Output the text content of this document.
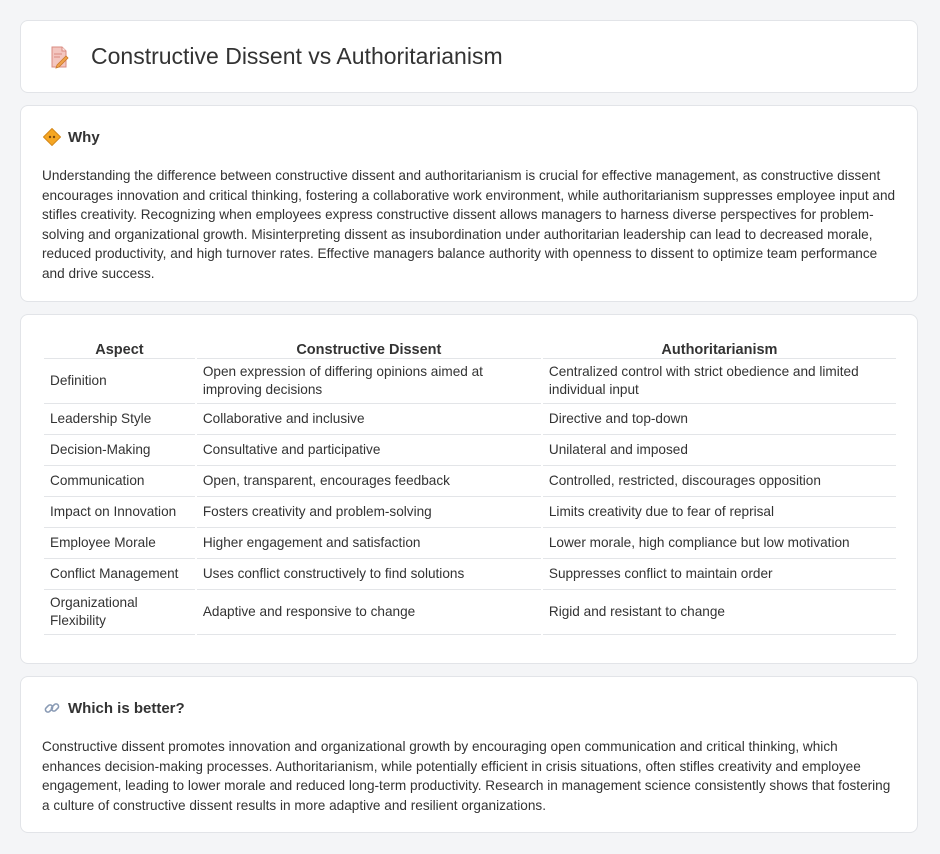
Constructive Dissent vs Authoritarianism
Why

Understanding the difference between constructive dissent and authoritarianism is crucial for effective management, as constructive dissent encourages innovation and critical thinking, fostering a collaborative work environment, while authoritarianism suppresses employee input and stifles creativity. Recognizing when employees express constructive dissent allows managers to harness diverse perspectives for problem-solving and organizational growth. Misinterpreting dissent as insubordination under authoritarian leadership can lead to decreased morale, reduced productivity, and high turnover rates. Effective managers balance authority with openness to dissent to optimize team performance and drive success.

Aspect	Constructive Dissent	Authoritarianism
Definition	Open expression of differing opinions aimed at improving decisions	Centralized control with strict obedience and limited individual input
Leadership Style	Collaborative and inclusive	Directive and top-down
Decision-Making	Consultative and participative	Unilateral and imposed
Communication	Open, transparent, encourages feedback	Controlled, restricted, discourages opposition
Impact on Innovation	Fosters creativity and problem-solving	Limits creativity due to fear of reprisal
Employee Morale	Higher engagement and satisfaction	Lower morale, high compliance but low motivation
Conflict Management	Uses conflict constructively to find solutions	Suppresses conflict to maintain order
Organizational Flexibility	Adaptive and responsive to change	Rigid and resistant to change
Which is better?

Constructive dissent promotes innovation and organizational growth by encouraging open communication and critical thinking, which enhances decision-making processes. Authoritarianism, while potentially efficient in crisis situations, often stifles creativity and employee engagement, leading to lower morale and reduced long-term productivity. Research in management science consistently shows that fostering a culture of constructive dissent results in more adaptive and resilient organizations.
